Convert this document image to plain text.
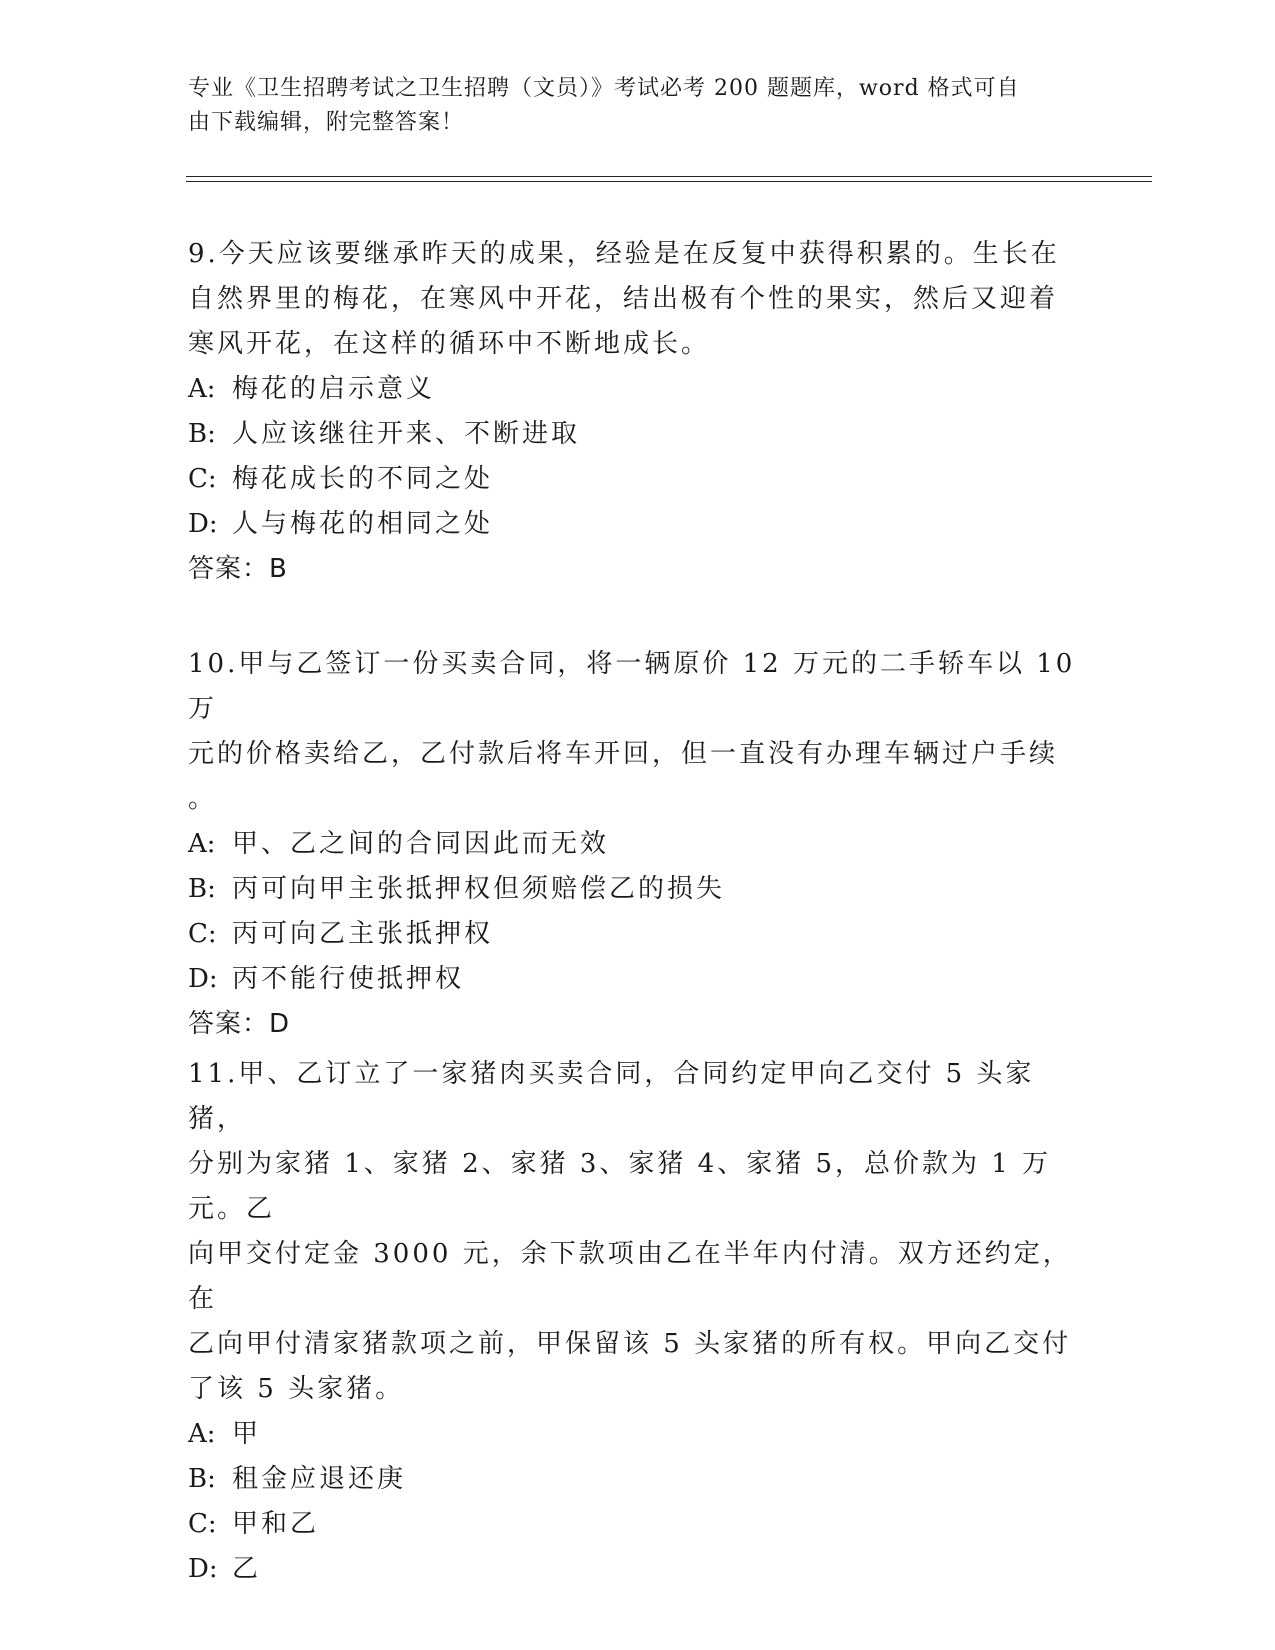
专业《卫生招聘考试之卫生招聘（文员）》考试必考 200 题题库，word 格式可自
由下载编辑，附完整答案！

9.今天应该要继承昨天的成果，经验是在反复中获得积累的。生长在

自然界里的梅花，在寒风中开花，结出极有个性的果实，然后又迎着

寒风开花，在这样的循环中不断地成长。

A: 梅花的启示意义

B: 人应该继往开来、不断进取

C: 梅花成长的不同之处

D: 人与梅花的相同之处

答案：B

10.甲与乙签订一份买卖合同，将一辆原价 12 万元的二手轿车以 10 万

元的价格卖给乙，乙付款后将车开回，但一直没有办理车辆过户手续

。

A: 甲、乙之间的合同因此而无效

B: 丙可向甲主张抵押权但须赔偿乙的损失

C: 丙可向乙主张抵押权

D: 丙不能行使抵押权

答案：D

11.甲、乙订立了一家猪肉买卖合同，合同约定甲向乙交付 5 头家猪，

分别为家猪 1、家猪 2、家猪 3、家猪 4、家猪 5，总价款为 1 万元。乙

向甲交付定金 3000 元，余下款项由乙在半年内付清。双方还约定，在

乙向甲付清家猪款项之前，甲保留该 5 头家猪的所有权。甲向乙交付

了该 5 头家猪。

A: 甲

B: 租金应退还庚

C: 甲和乙

D: 乙
